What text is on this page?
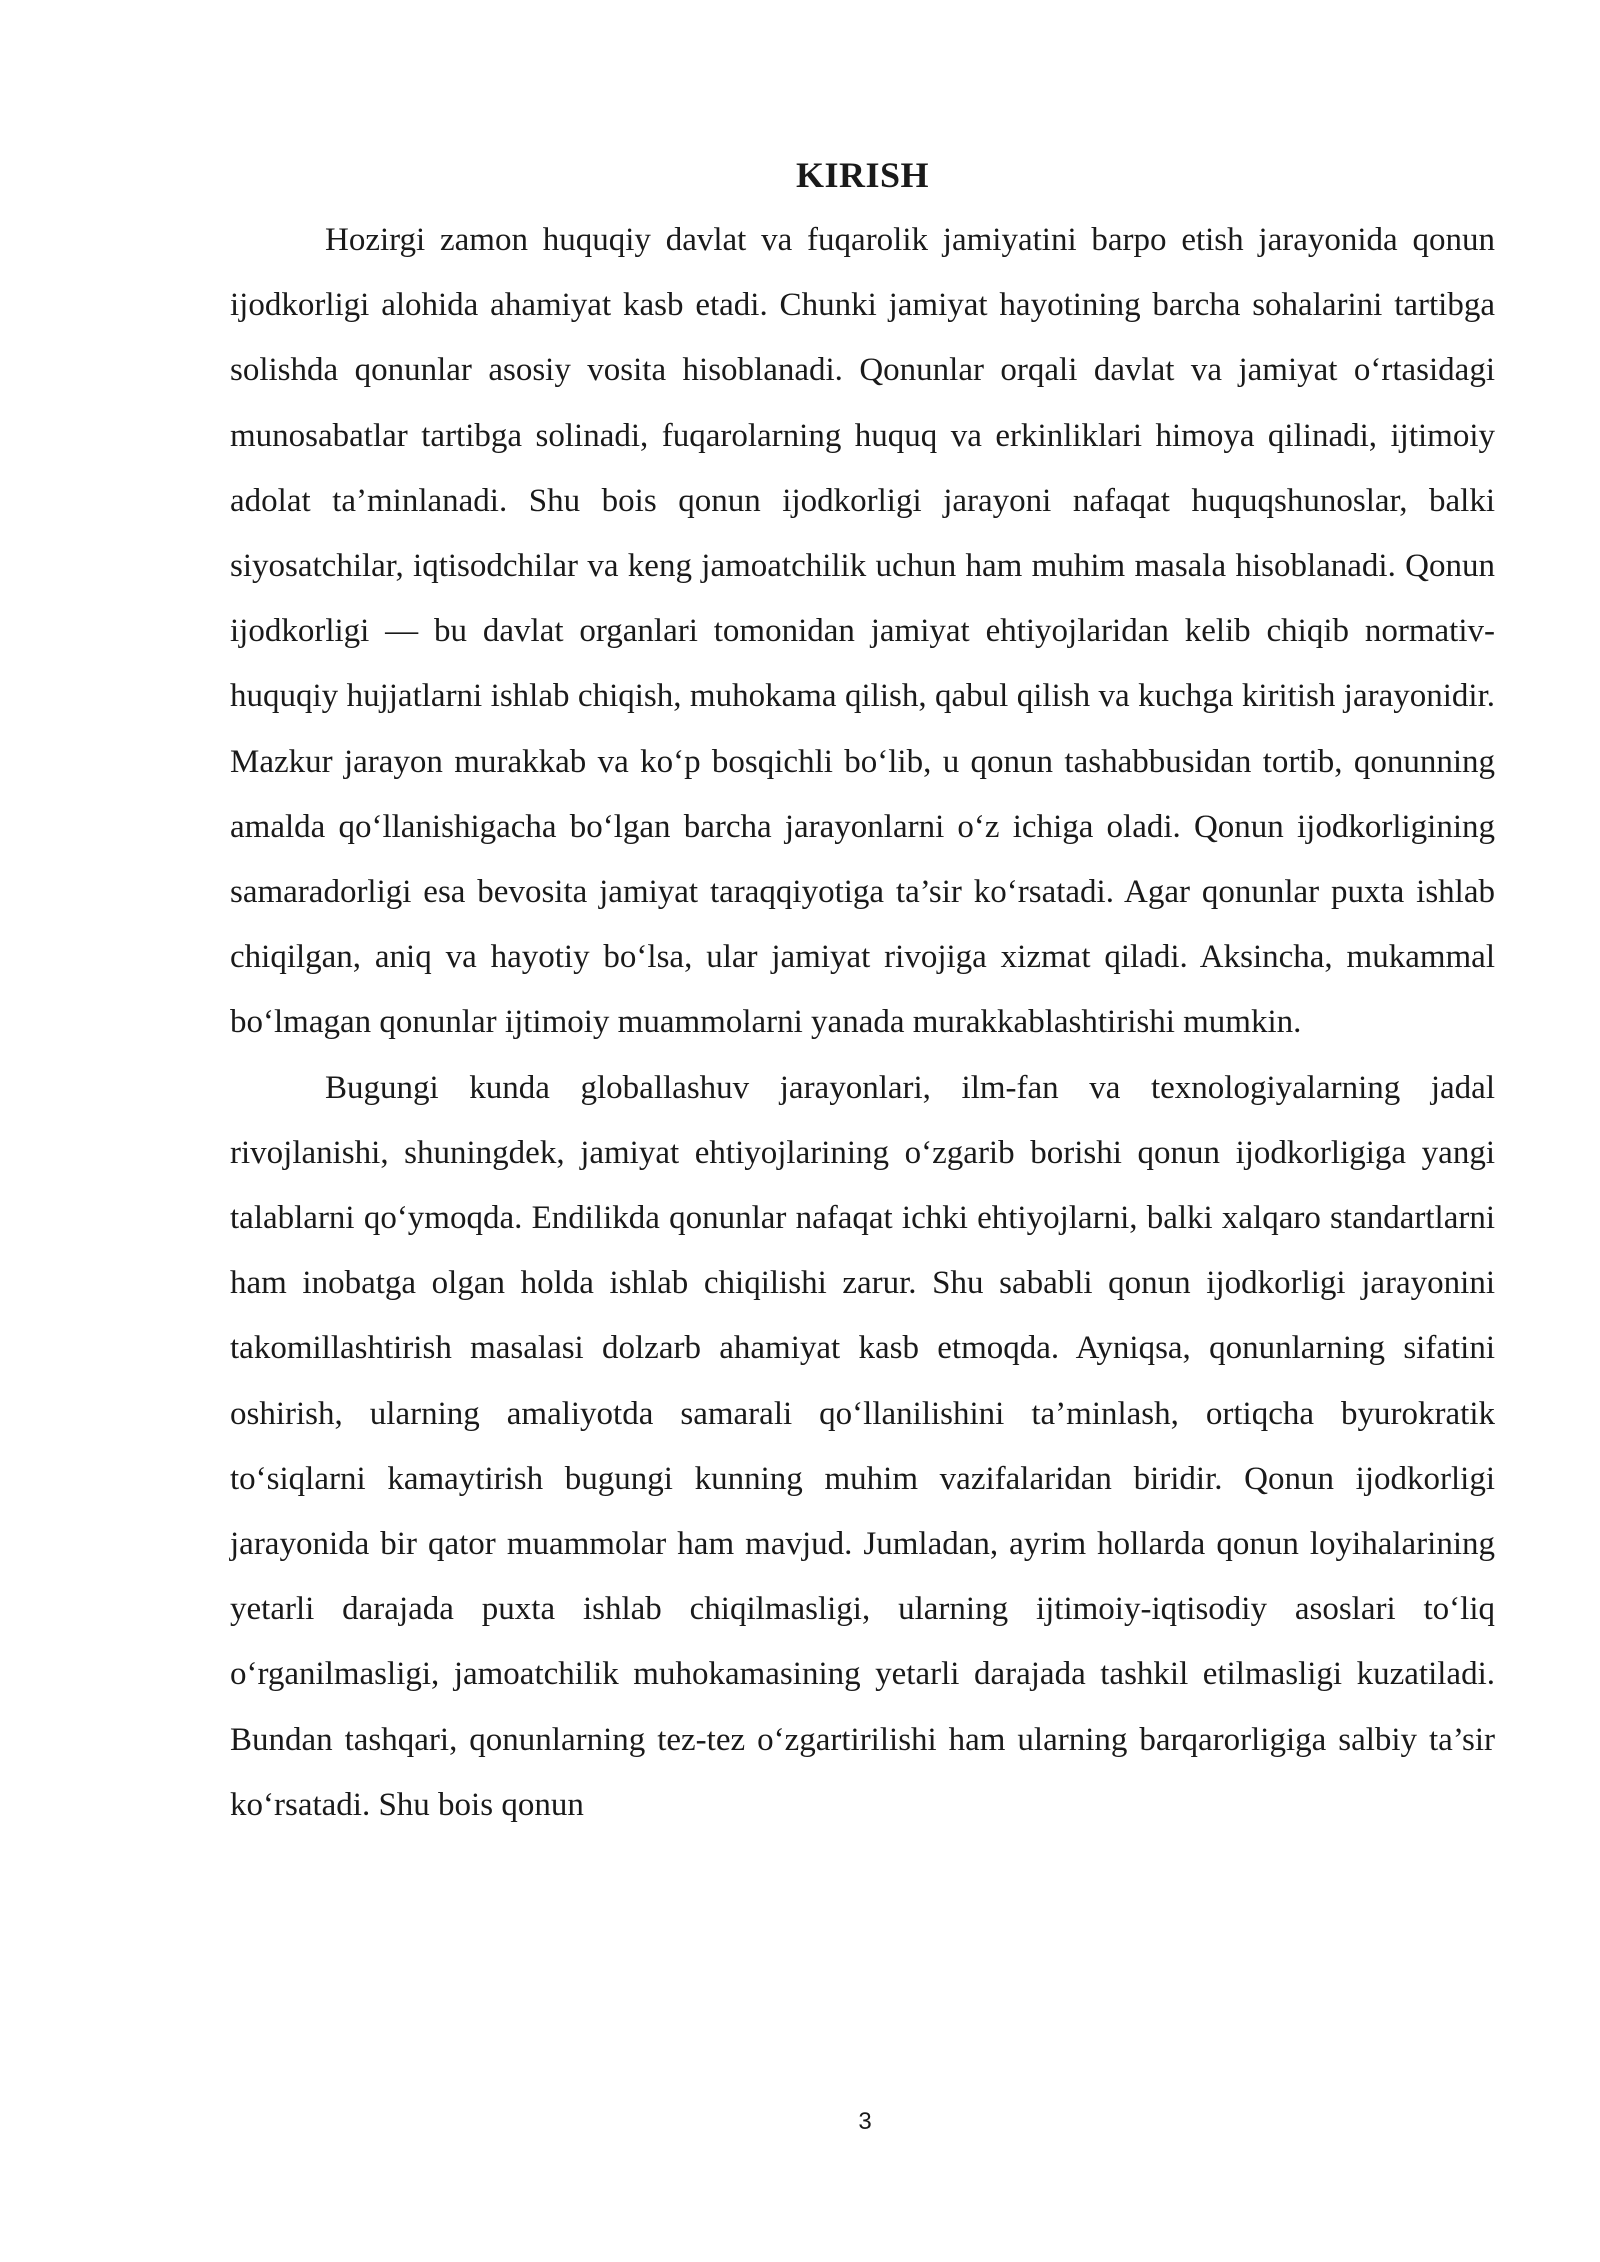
KIRISH

Hozirgi zamon huquqiy davlat va fuqarolik jamiyatini barpo etish jarayonida qonun ijodkorligi alohida ahamiyat kasb etadi. Chunki jamiyat hayotining barcha sohalarini tartibga solishda qonunlar asosiy vosita hisoblanadi. Qonunlar orqali davlat va jamiyat o‘rtasidagi munosabatlar tartibga solinadi, fuqarolarning huquq va erkinliklari himoya qilinadi, ijtimoiy adolat ta’minlanadi. Shu bois qonun ijodkorligi jarayoni nafaqat huquqshunoslar, balki siyosatchilar, iqtisodchilar va keng jamoatchilik uchun ham muhim masala hisoblanadi. Qonun ijodkorligi — bu davlat organlari tomonidan jamiyat ehtiyojlaridan kelib chiqib normativ-huquqiy hujjatlarni ishlab chiqish, muhokama qilish, qabul qilish va kuchga kiritish jarayonidir. Mazkur jarayon murakkab va ko‘p bosqichli bo‘lib, u qonun tashabbusidan tortib, qonunning amalda qo‘llanishigacha bo‘lgan barcha jarayonlarni o‘z ichiga oladi. Qonun ijodkorligining samaradorligi esa bevosita jamiyat taraqqiyotiga ta’sir ko‘rsatadi. Agar qonunlar puxta ishlab chiqilgan, aniq va hayotiy bo‘lsa, ular jamiyat rivojiga xizmat qiladi. Aksincha, mukammal bo‘lmagan qonunlar ijtimoiy muammolarni yanada murakkablashtirishi mumkin.

Bugungi kunda globallashuv jarayonlari, ilm-fan va texnologiyalarning jadal rivojlanishi, shuningdek, jamiyat ehtiyojlarining o‘zgarib borishi qonun ijodkorligiga yangi talablarni qo‘ymoqda. Endilikda qonunlar nafaqat ichki ehtiyojlarni, balki xalqaro standartlarni ham inobatga olgan holda ishlab chiqilishi zarur. Shu sababli qonun ijodkorligi jarayonini takomillashtirish masalasi dolzarb ahamiyat kasb etmoqda. Ayniqsa, qonunlarning sifatini oshirish, ularning amaliyotda samarali qo‘llanilishini ta’minlash, ortiqcha byurokratik to‘siqlarni kamaytirish bugungi kunning muhim vazifalaridan biridir. Qonun ijodkorligi jarayonida bir qator muammolar ham mavjud. Jumladan, ayrim hollarda qonun loyihalarining yetarli darajada puxta ishlab chiqilmasligi, ularning ijtimoiy-iqtisodiy asoslari to‘liq o‘rganilmasligi, jamoatchilik muhokamasining yetarli darajada tashkil etilmasligi kuzatiladi. Bundan tashqari, qonunlarning tez-tez o‘zgartirilishi ham ularning barqarorligiga salbiy ta’sir ko‘rsatadi. Shu bois qonun

3
